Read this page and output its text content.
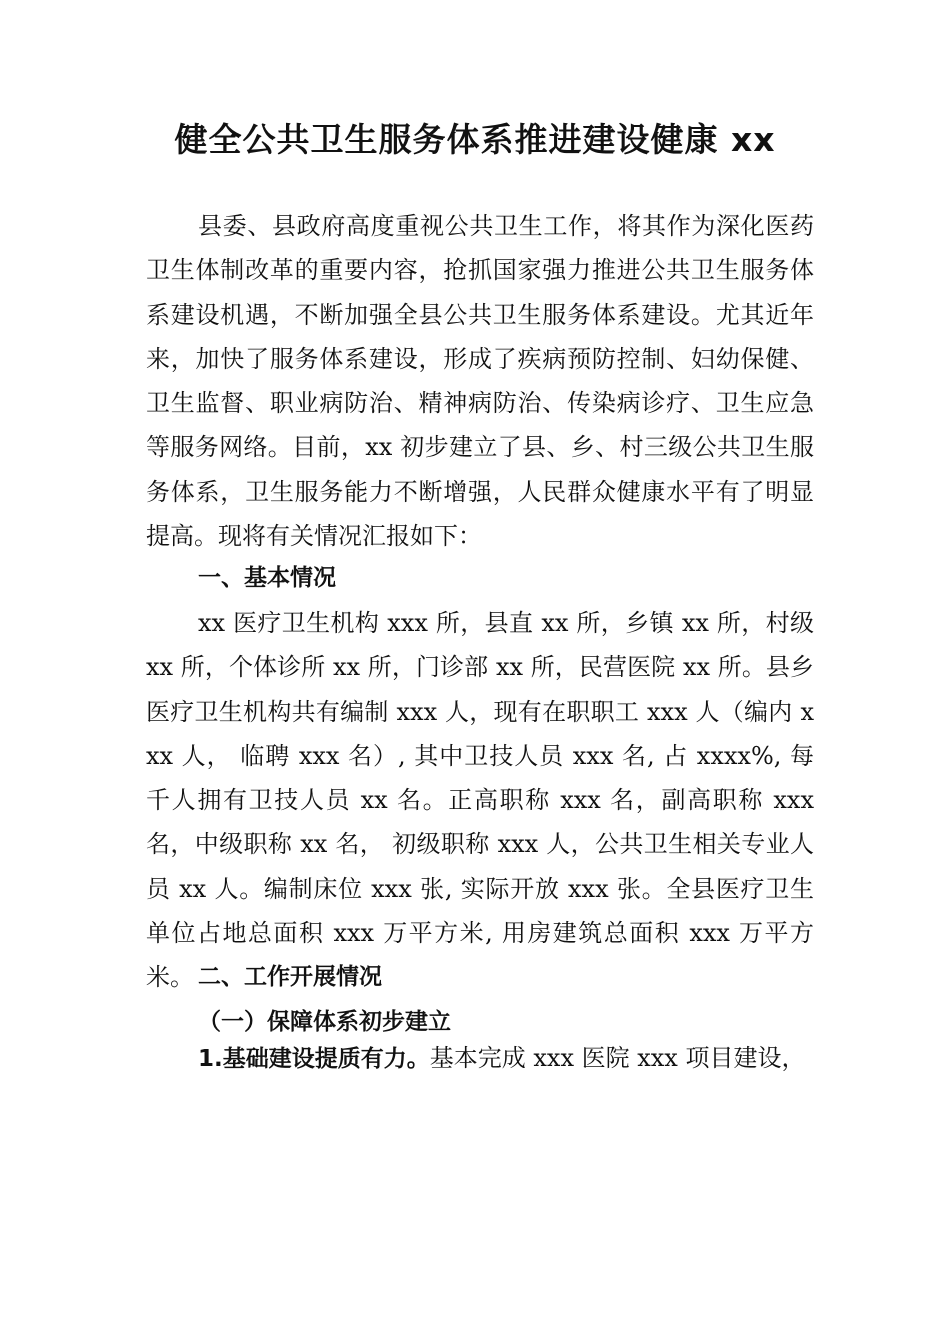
健全公共卫生服务体系推进建设健康 xx

县委、县政府高度重视公共卫生工作，将其作为深化医药卫生体制改革的重要内容，抢抓国家强力推进公共卫生服务体系建设机遇，不断加强全县公共卫生服务体系建设。尤其近年来，加快了服务体系建设，形成了疾病预防控制、妇幼保健、卫生监督、职业病防治、精神病防治、传染病诊疗、卫生应急等服务网络。目前，xx 初步建立了县、乡、村三级公共卫生服务体系，卫生服务能力不断增强，人民群众健康水平有了明显提高。现将有关情况汇报如下：

一、基本情况

xx 医疗卫生机构 xxx 所，县直 xx 所，乡镇 xx 所，村级 xx 所，个体诊所 xx 所，门诊部 xx 所，民营医院 xx 所。县乡医疗卫生机构共有编制 xxx 人，现有在职职工 xxx 人（编内 xxx 人， 临聘 xxx 名）, 其中卫技人员 xxx 名, 占 xxxx%, 每千人拥有卫技人员 xx 名。正高职称 xxx 名，副高职称 xxx 名，中级职称 xx 名， 初级职称 xxx 人，公共卫生相关专业人员 xx 人。编制床位 xxx 张, 实际开放 xxx 张。全县医疗卫生单位占地总面积 xxx 万平方米, 用房建筑总面积 xxx 万平方米。 二、工作开展情况
（一）保障体系初步建立

1.基础建设提质有力。基本完成 xxx 医院 xxx 项目建设，
